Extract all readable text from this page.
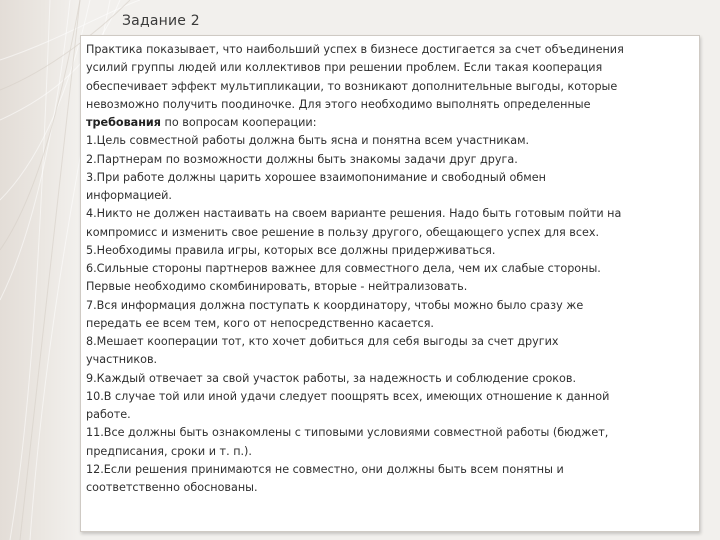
Задание 2
Практика показывает, что наибольший успех в бизнесе достигается за счет объединения
усилий группы людей или коллективов при решении проблем. Если такая кооперация
обеспечивает эффект мультипликации, то возникают дополнительные выгоды, которые
невозможно получить поодиночке. Для этого необходимо выполнять определенные
требования по вопросам кооперации:
1.Цель совместной работы должна быть ясна и понятна всем участникам.
2.Партнерам по возможности должны быть знакомы задачи друг друга.
3.При работе должны царить хорошее взаимопонимание и свободный обмен
информацией.
4.Никто не должен настаивать на своем варианте решения. Надо быть готовым пойти на
компромисс и изменить свое решение в пользу другого, обещающего успех для всех.
5.Необходимы правила игры, которых все должны придерживаться.
6.Сильные стороны партнеров важнее для совместного дела, чем их слабые стороны.
Первые необходимо скомбинировать, вторые - нейтрализовать.
7.Вся информация должна поступать к координатору, чтобы можно было сразу же
передать ее всем тем, кого от непосредственно касается.
8.Мешает кооперации тот, кто хочет добиться для себя выгоды за счет других
участников.
9.Каждый отвечает за свой участок работы, за надежность и соблюдение сроков.
10.В случае той или иной удачи следует поощрять всех, имеющих отношение к данной
работе.
11.Все должны быть ознакомлены с типовыми условиями совместной работы (бюджет,
предписания, сроки и т. п.).
12.Если решения принимаются не совместно, они должны быть всем понятны и
соответственно обоснованы.
